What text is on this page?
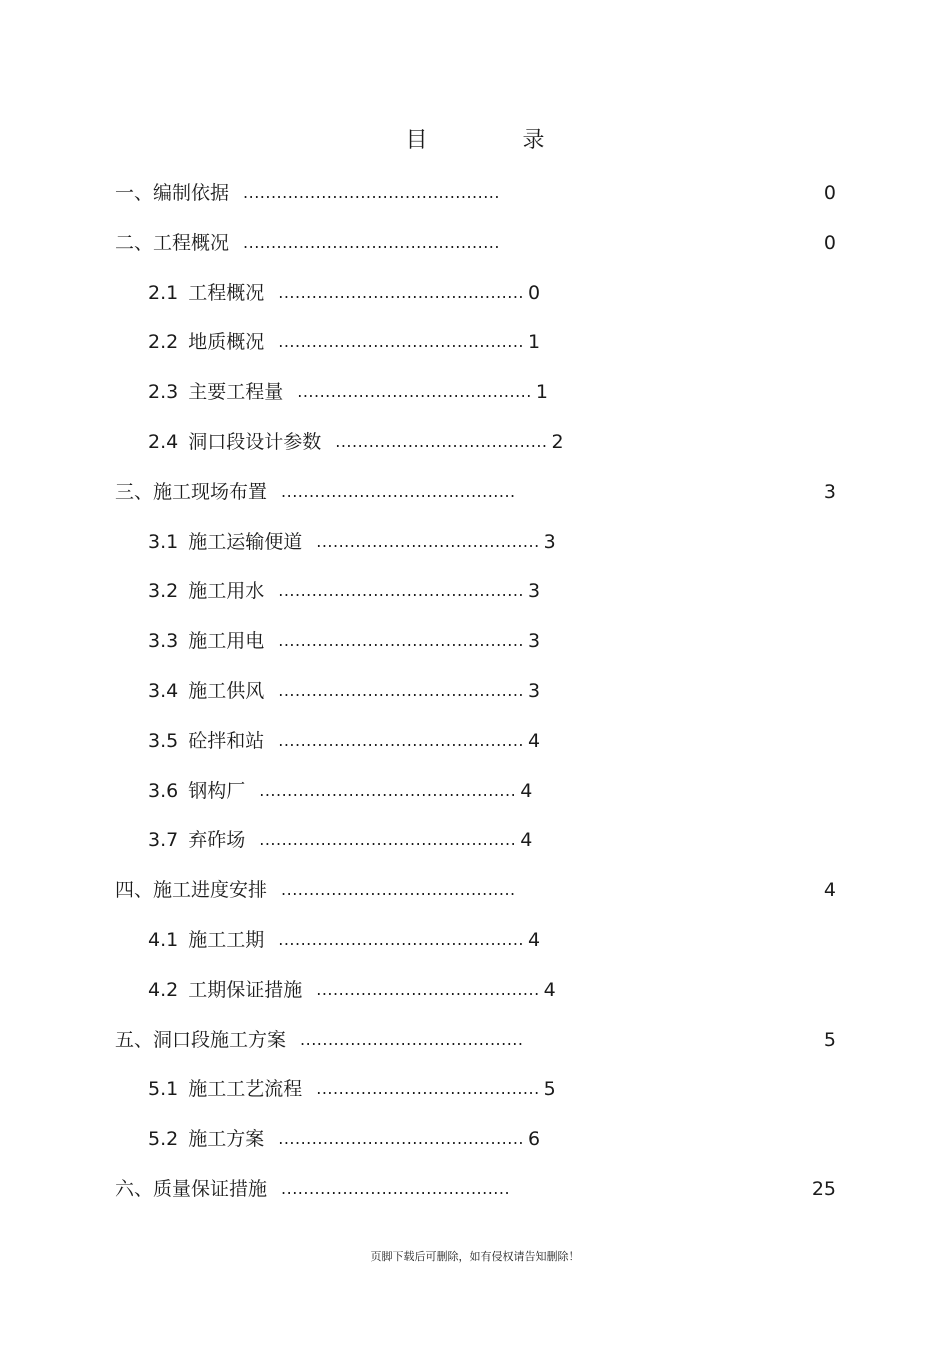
目 录
一、编制依据 ..............................................	0
二、工程概况 ..............................................	0
2.1 工程概况 ............................................ 0
2.2 地质概况 ............................................ 1
2.3 主要工程量 .......................................... 1
2.4 洞口段设计参数 ...................................... 2
三、施工现场布置 ..........................................	3
3.1 施工运输便道 ........................................ 3
3.2 施工用水 ............................................ 3
3.3 施工用电 ............................................ 3
3.4 施工供风 ............................................ 3
3.5 砼拌和站 ............................................ 4
3.6 钢构厂 .............................................. 4
3.7 弃砟场 .............................................. 4
四、施工进度安排 ..........................................	4
4.1 施工工期 ............................................ 4
4.2 工期保证措施 ........................................ 4
五、洞口段施工方案 ........................................	5
5.1 施工工艺流程 ........................................ 5
5.2 施工方案 ............................................ 6
六、质量保证措施 .........................................	25
页脚下载后可删除，如有侵权请告知删除！
